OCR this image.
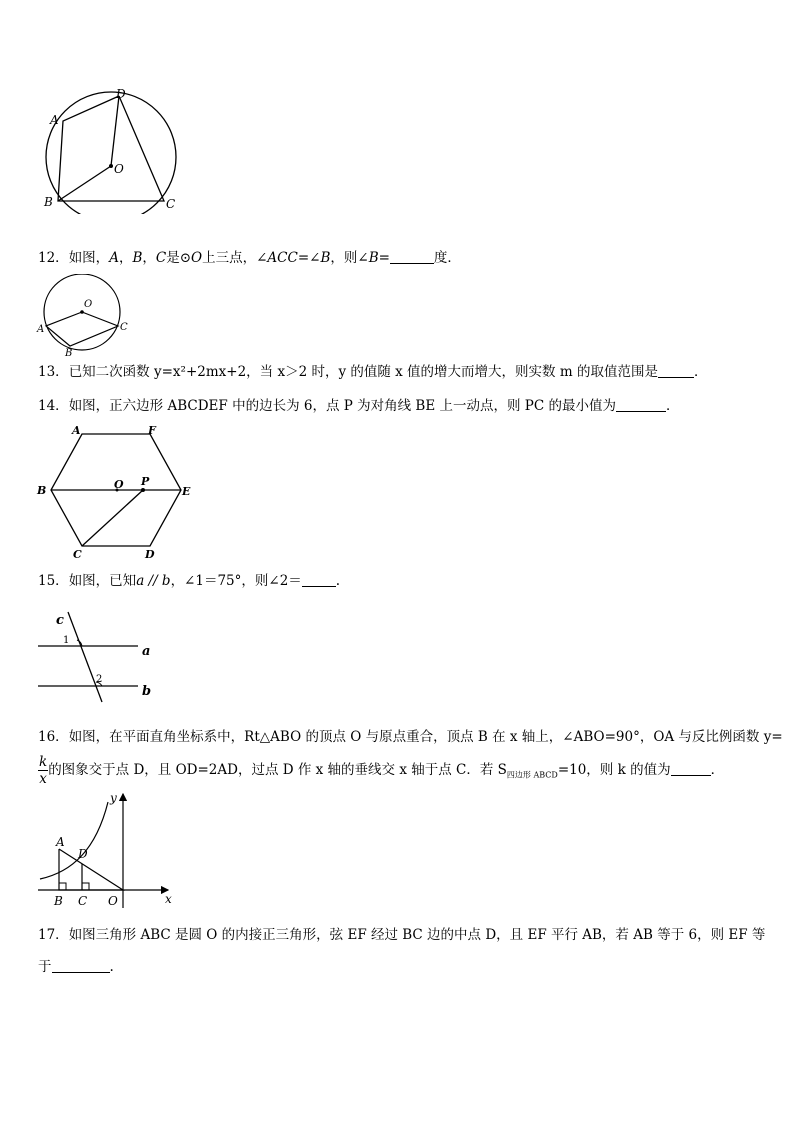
D
A
O
B	C
12．如图，A，B，C是⊙O上三点，∠ACC=∠B，则∠B=	度．
O
A	C
B
13．已知二次函数 y=x²+2mx+2，当 x＞2 时，y 的值随 x 值的增大而增大，则实数 m 的取值范围是	．
14．如图，正六边形 ABCDEF 中的边长为 6，点 P 为对角线 BE 上一动点，则 PC 的最小值为	．
A	F
B	O P
E
C	D
15．如图，已知a // b，∠1＝75°，则∠2＝	.
c
1
a
2
b
16．如图，在平面直角坐标系中，Rt△ABO 的顶点 O 与原点重合，顶点 B 在 x 轴上，∠ABO=90°，OA 与反比例函数 y=
$\frac{k}{x}$ 的图象交于点 D，且 OD=2AD，过点 D 作 x 轴的垂线交 x 轴于点 C．若 $S_{四边形 ABCD}=10$，则 k 的值为	．
y
x
A
D
B C O
17．如图三角形 ABC 是圆 O 的内接正三角形，弦 EF 经过 BC 边的中点 D，且 EF 平行 AB，若 AB 等于 6，则 EF 等
于	.
